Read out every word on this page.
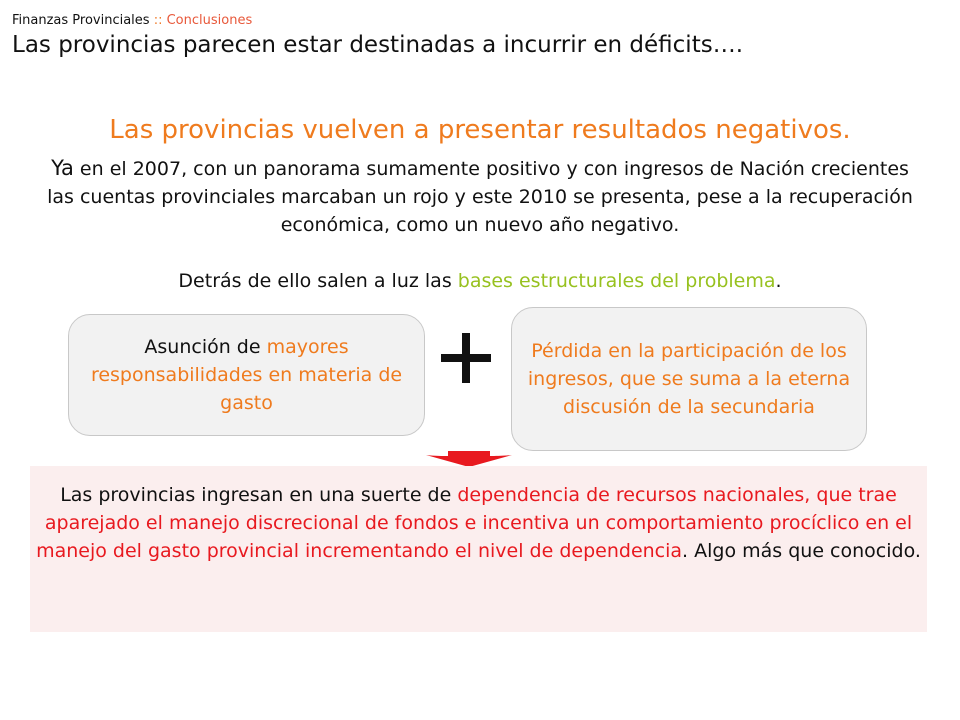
Finanzas Provinciales :: Conclusiones
Las provincias parecen estar destinadas a incurrir en déficits….
Las provincias vuelven a presentar resultados negativos.
Ya en el 2007, con un panorama sumamente positivo y con ingresos de Nación crecientes las cuentas provinciales marcaban un rojo y este 2010 se presenta, pese a la recuperación económica, como un nuevo año negativo.
Detrás de ello salen a luz las bases estructurales del problema.
Asunción de mayores responsabilidades en materia de gasto
Pérdida en la participación de los ingresos, que se suma a la eterna discusión de la secundaria
Las provincias ingresan en una suerte de dependencia de recursos nacionales, que trae aparejado el manejo discrecional de fondos e incentiva un comportamiento procíclico en el manejo del gasto provincial incrementando el nivel de dependencia. Algo más que conocido.
